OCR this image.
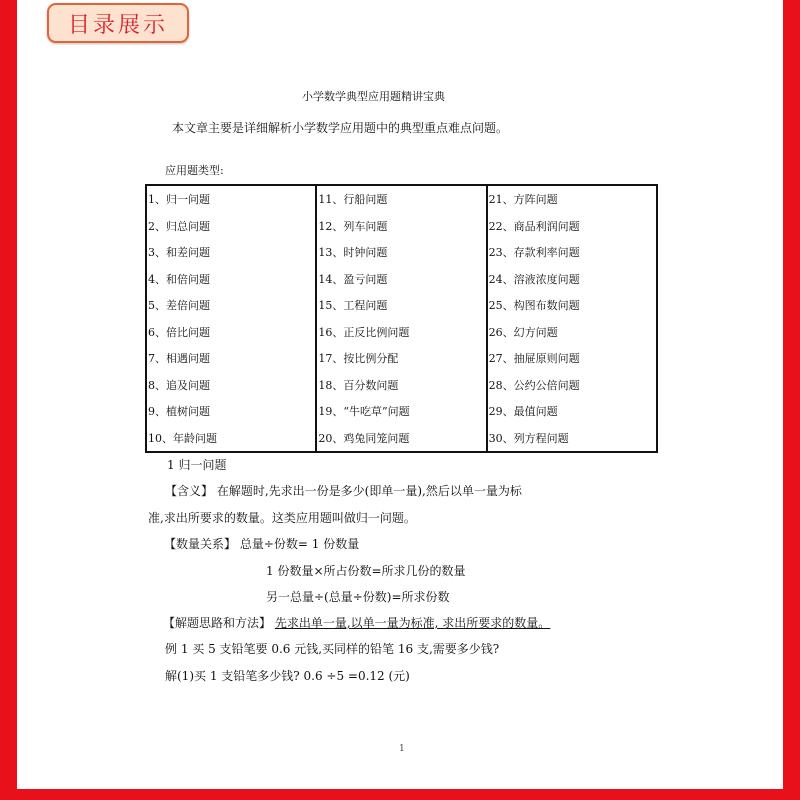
目录展示
小学数学典型应用题精讲宝典
本文章主要是详细解析小学数学应用题中的典型重点难点问题。
应用题类型:
1、归一问题	11、行船问题	21、方阵问题
2、归总问题	12、列车问题	22、商品利润问题
3、和差问题	13、时钟问题	23、存款利率问题
4、和倍问题	14、盈亏问题	24、溶液浓度问题
5、差倍问题	15、工程问题	25、构图布数问题
6、倍比问题	16、正反比例问题	26、幻方问题
7、相遇问题	17、按比例分配	27、抽屉原则问题
8、追及问题	18、百分数问题	28、公约公倍问题
9、植树问题	19、“牛吃草”问题	29、最值问题
10、年龄问题	20、鸡兔同笼问题	30、列方程问题
1 归一问题
【含义】 在解题时,先求出一份是多少(即单一量),然后以单一量为标
准,求出所要求的数量。这类应用题叫做归一问题。
【数量关系】 总量÷份数= 1 份数量
1 份数量×所占份数=所求几份的数量
另一总量÷(总量÷份数)=所求份数
【解题思路和方法】 先求出单一量,以单一量为标准, 求出所要求的数量。
例 1 买 5 支铅笔要 0.6 元钱,买同样的铅笔 16 支,需要多少钱?
解(1)买 1 支铅笔多少钱? 0.6 ÷5 =0.12 (元)
1
